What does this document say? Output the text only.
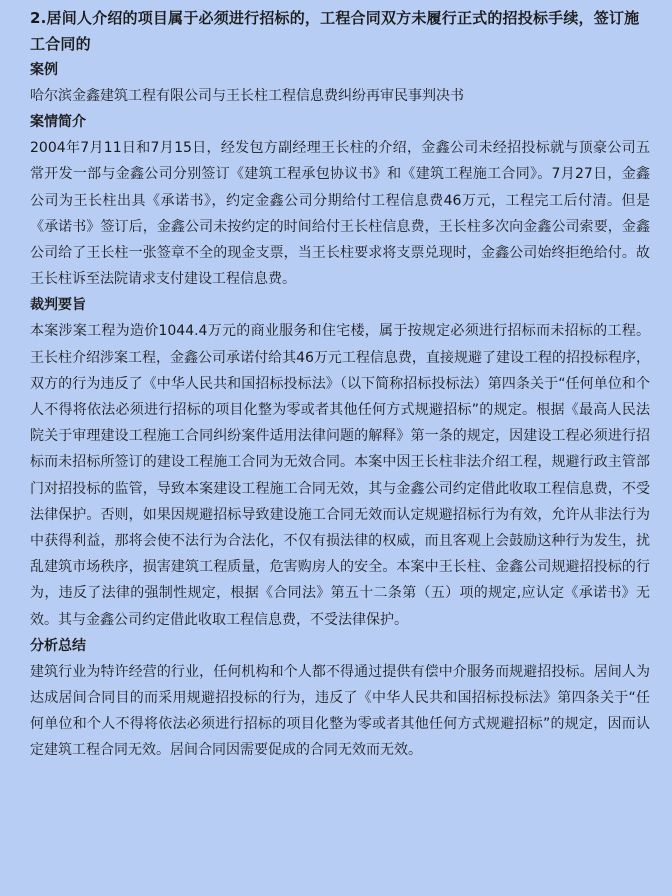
2.居间人介绍的项目属于必须进行招标的，工程合同双方未履行正式的招投标手续，签订施工合同的

案例

哈尔滨金鑫建筑工程有限公司与王长柱工程信息费纠纷再审民事判决书

案情简介

2004年7月11日和7月15日，经发包方副经理王长柱的介绍，金鑫公司未经招投标就与顶豪公司五常开发一部与金鑫公司分别签订《建筑工程承包协议书》和《建筑工程施工合同》。7月27日，金鑫公司为王长柱出具《承诺书》，约定金鑫公司分期给付工程信息费46万元，工程完工后付清。但是《承诺书》签订后，金鑫公司未按约定的时间给付王长柱信息费，王长柱多次向金鑫公司索要，金鑫公司给了王长柱一张签章不全的现金支票，当王长柱要求将支票兑现时，金鑫公司始终拒绝给付。故王长柱诉至法院请求支付建设工程信息费。

裁判要旨

本案涉案工程为造价1044.4万元的商业服务和住宅楼，属于按规定必须进行招标而未招标的工程。王长柱介绍涉案工程，金鑫公司承诺付给其46万元工程信息费，直接规避了建设工程的招投标程序，双方的行为违反了《中华人民共和国招标投标法》（以下简称招标投标法）第四条关于“任何单位和个人不得将依法必须进行招标的项目化整为零或者其他任何方式规避招标”的规定。根据《最高人民法院关于审理建设工程施工合同纠纷案件适用法律问题的解释》第一条的规定，因建设工程必须进行招标而未招标所签订的建设工程施工合同为无效合同。本案中因王长柱非法介绍工程，规避行政主管部门对招投标的监管，导致本案建设工程施工合同无效，其与金鑫公司约定借此收取工程信息费，不受法律保护。否则，如果因规避招标导致建设施工合同无效而认定规避招标行为有效，允许从非法行为中获得利益，那将会使不法行为合法化，不仅有损法律的权威，而且客观上会鼓励这种行为发生，扰乱建筑市场秩序，损害建筑工程质量，危害购房人的安全。本案中王长柱、金鑫公司规避招投标的行为，违反了法律的强制性规定，根据《合同法》第五十二条第（五）项的规定,应认定《承诺书》无效。其与金鑫公司约定借此收取工程信息费，不受法律保护。

分析总结

建筑行业为特许经营的行业，任何机构和个人都不得通过提供有偿中介服务而规避招投标。居间人为达成居间合同目的而采用规避招投标的行为，违反了《中华人民共和国招标投标法》第四条关于“任何单位和个人不得将依法必须进行招标的项目化整为零或者其他任何方式规避招标”的规定，因而认定建筑工程合同无效。居间合同因需要促成的合同无效而无效。
